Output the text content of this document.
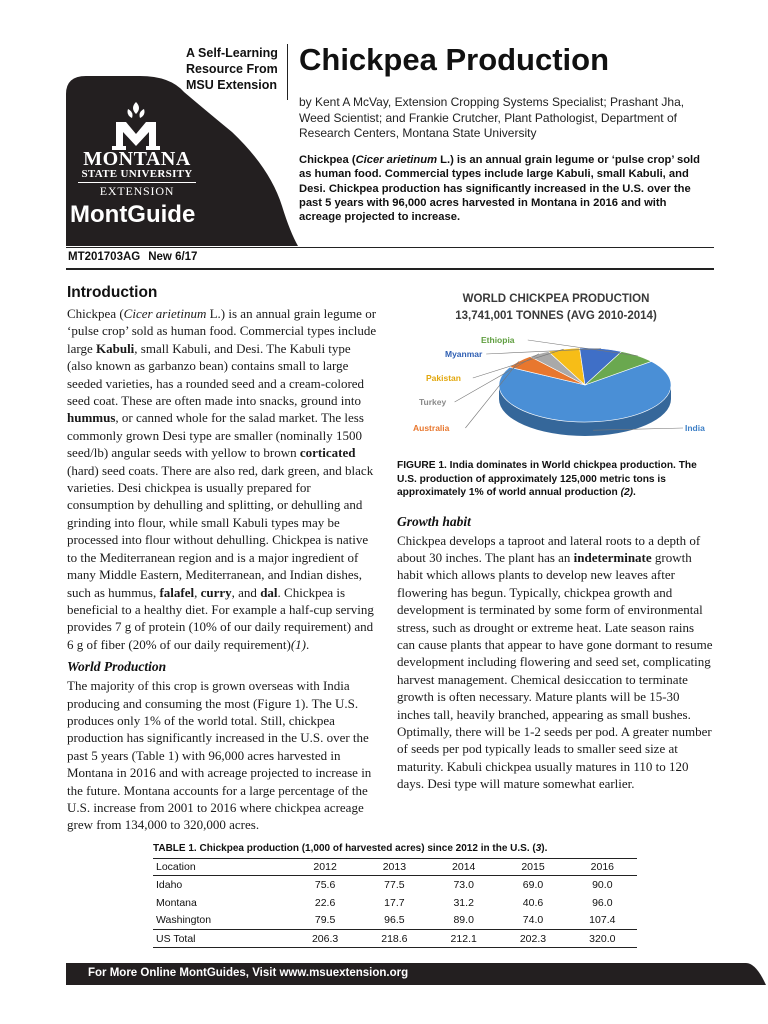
MONTANA
STATE UNIVERSITY
EXTENSION
MontGuide
A Self-Learning
Resource From
MSU Extension
Chickpea Production
by Kent A McVay, Extension Cropping Systems Specialist; Prashant Jha, Weed Scientist; and Frankie Crutcher, Plant Pathologist, Department of Research Centers, Montana State University
Chickpea (Cicer arietinum L.) is an annual grain legume or ‘pulse crop’ sold as human food. Commercial types include large Kabuli, small Kabuli, and Desi. Chickpea production has significantly increased in the U.S. over the past 5 years with 96,000 acres harvested in Montana in 2016 and with acreage projected to increase.
MT201703AG New 6/17
Introduction

Chickpea (Cicer arietinum L.) is an annual grain legume or ‘pulse crop’ sold as human food. Commercial types include large Kabuli, small Kabuli, and Desi. The Kabuli type (also known as garbanzo bean) contains small to large seeded varieties, has a rounded seed and a cream-colored seed coat. These are often made into snacks, ground into hummus, or canned whole for the salad market. The less commonly grown Desi type are smaller (nominally 1500 seed/lb) angular seeds with yellow to brown corticated (hard) seed coats. There are also red, dark green, and black varieties. Desi chickpea is usually prepared for consumption by dehulling and splitting, or dehulling and grinding into flour, while small Kabuli types may be processed into flour without dehulling. Chickpea is native to the Mediterranean region and is a major ingredient of many Middle Eastern, Mediterranean, and Indian dishes, such as hummus, falafel, curry, and dal. Chickpea is beneficial to a healthy diet. For example a half-cup serving provides 7 g of protein (10% of our daily requirement) and 6 g of fiber (20% of our daily requirement)(1).

World Production

The majority of this crop is grown overseas with India producing and consuming the most (Figure 1). The U.S. produces only 1% of the world total. Still, chickpea production has significantly increased in the U.S. over the past 5 years (Table 1) with 96,000 acres harvested in Montana in 2016 and with acreage projected to increase in the future. Montana accounts for a large percentage of the U.S. increase from 2001 to 2016 where chickpea acreage grew from 134,000 to 320,000 acres.

WORLD CHICKPEA PRODUCTION
13,741,001 TONNES (AVG 2010-2014)
India
Australia
Turkey
Pakistan
Myanmar
Ethiopia
FIGURE 1. India dominates in World chickpea production. The U.S. production of approximately 125,000 metric tons is approximately 1% of world annual production (2).
Growth habit

Chickpea develops a taproot and lateral roots to a depth of about 30 inches. The plant has an indeterminate growth habit which allows plants to develop new leaves after flowering has begun. Typically, chickpea growth and development is terminated by some form of environmental stress, such as drought or extreme heat. Late season rains can cause plants that appear to have gone dormant to resume development including flowering and seed set, complicating harvest management. Chemical desiccation to terminate growth is often necessary. Mature plants will be 15-30 inches tall, heavily branched, appearing as small bushes. Optimally, there will be 1-2 seeds per pod. A greater number of seeds per pod typically leads to smaller seed size at maturity. Kabuli chickpea usually matures in 110 to 120 days. Desi type will mature somewhat earlier.

TABLE 1. Chickpea production (1,000 of harvested acres) since 2012 in the U.S. (3).
Location	2012	2013	2014	2015	2016
Idaho	75.6	77.5	73.0	69.0	90.0
Montana	22.6	17.7	31.2	40.6	96.0
Washington	79.5	96.5	89.0	74.0	107.4
US Total	206.3	218.6	212.1	202.3	320.0
For More Online MontGuides, Visit www.msuextension.org
